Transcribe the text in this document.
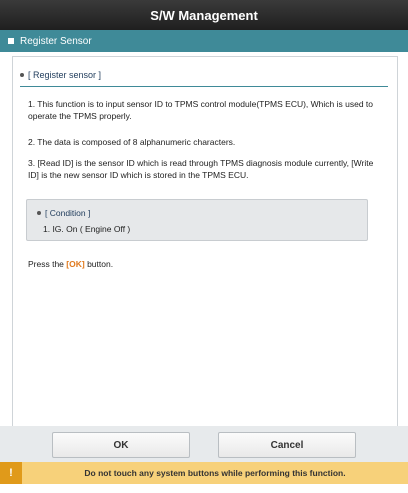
S/W Management
Register Sensor
[ Register sensor ]
1. This function is to input sensor ID to TPMS control module(TPMS ECU), Which is used to operate the TPMS properly.
2. The data is composed of 8 alphanumeric characters.
3. [Read ID] is the sensor ID which is read through TPMS diagnosis module currently, [Write ID] is the new sensor ID which is stored in the TPMS ECU.
[ Condition ]
1. IG. On ( Engine Off )
Press the [OK] button.
OK	Cancel
!	Do not touch any system buttons while performing this function.
